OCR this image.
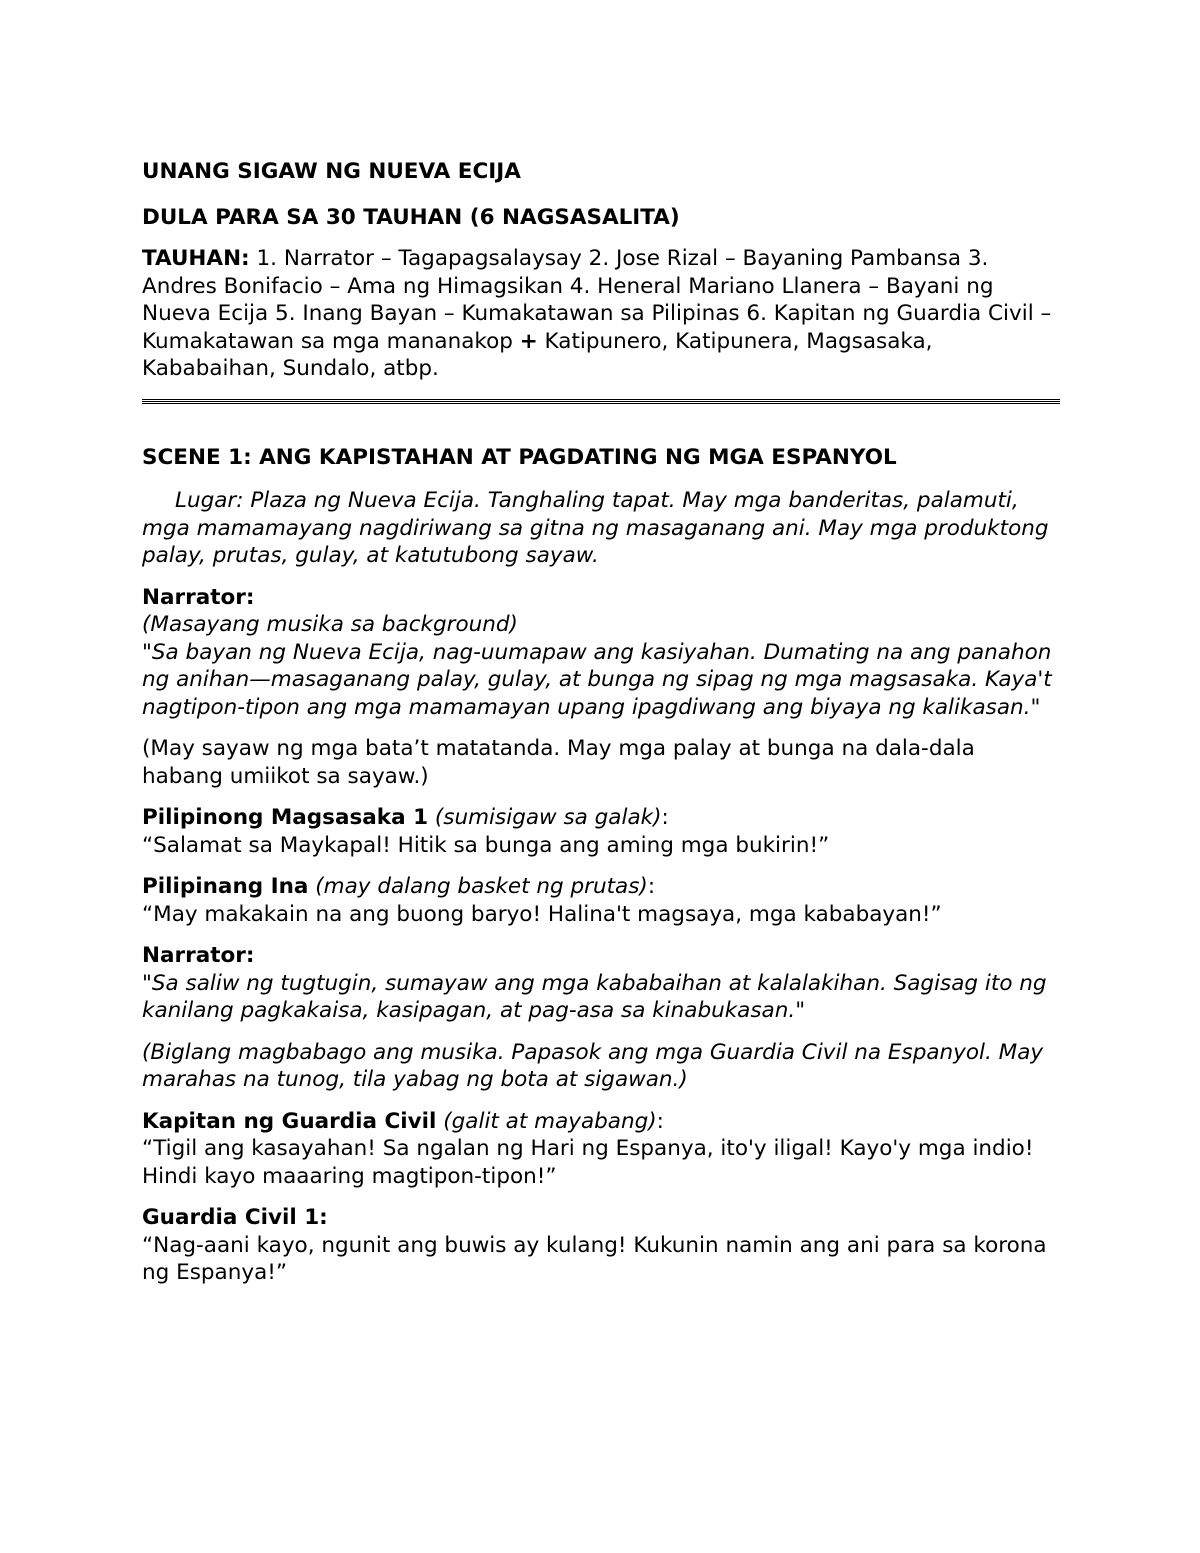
UNANG SIGAW NG NUEVA ECIJA

DULA PARA SA 30 TAUHAN (6 NAGSASALITA)

TAUHAN: 1. Narrator – Tagapagsalaysay 2. Jose Rizal – Bayaning Pambansa 3. Andres Bonifacio – Ama ng Himagsikan 4. Heneral Mariano Llanera – Bayani ng Nueva Ecija 5. Inang Bayan – Kumakatawan sa Pilipinas 6. Kapitan ng Guardia Civil – Kumakatawan sa mga mananakop + Katipunero, Katipunera, Magsasaka, Kababaihan, Sundalo, atbp.

SCENE 1: ANG KAPISTAHAN AT PAGDATING NG MGA ESPANYOL

Lugar: Plaza ng Nueva Ecija. Tanghaling tapat. May mga banderitas, palamuti, mga mamamayang nagdiriwang sa gitna ng masaganang ani. May mga produktong palay, prutas, gulay, at katutubong sayaw.

Narrator:

(Masayang musika sa background)

"Sa bayan ng Nueva Ecija, nag-uumapaw ang kasiyahan. Dumating na ang panahon ng anihan—masaganang palay, gulay, at bunga ng sipag ng mga magsasaka. Kaya't nagtipon-tipon ang mga mamamayan upang ipagdiwang ang biyaya ng kalikasan."

(May sayaw ng mga bata’t matatanda. May mga palay at bunga na dala-dala habang umiikot sa sayaw.)

Pilipinong Magsasaka 1 (sumisigaw sa galak):

“Salamat sa Maykapal! Hitik sa bunga ang aming mga bukirin!”

Pilipinang Ina (may dalang basket ng prutas):

“May makakain na ang buong baryo! Halina't magsaya, mga kababayan!”

Narrator:

"Sa saliw ng tugtugin, sumayaw ang mga kababaihan at kalalakihan. Sagisag ito ng kanilang pagkakaisa, kasipagan, at pag-asa sa kinabukasan."

(Biglang magbabago ang musika. Papasok ang mga Guardia Civil na Espanyol. May marahas na tunog, tila yabag ng bota at sigawan.)

Kapitan ng Guardia Civil (galit at mayabang):

“Tigil ang kasayahan! Sa ngalan ng Hari ng Espanya, ito'y iligal! Kayo'y mga indio! Hindi kayo maaaring magtipon-tipon!”

Guardia Civil 1:

“Nag-aani kayo, ngunit ang buwis ay kulang! Kukunin namin ang ani para sa korona ng Espanya!”
